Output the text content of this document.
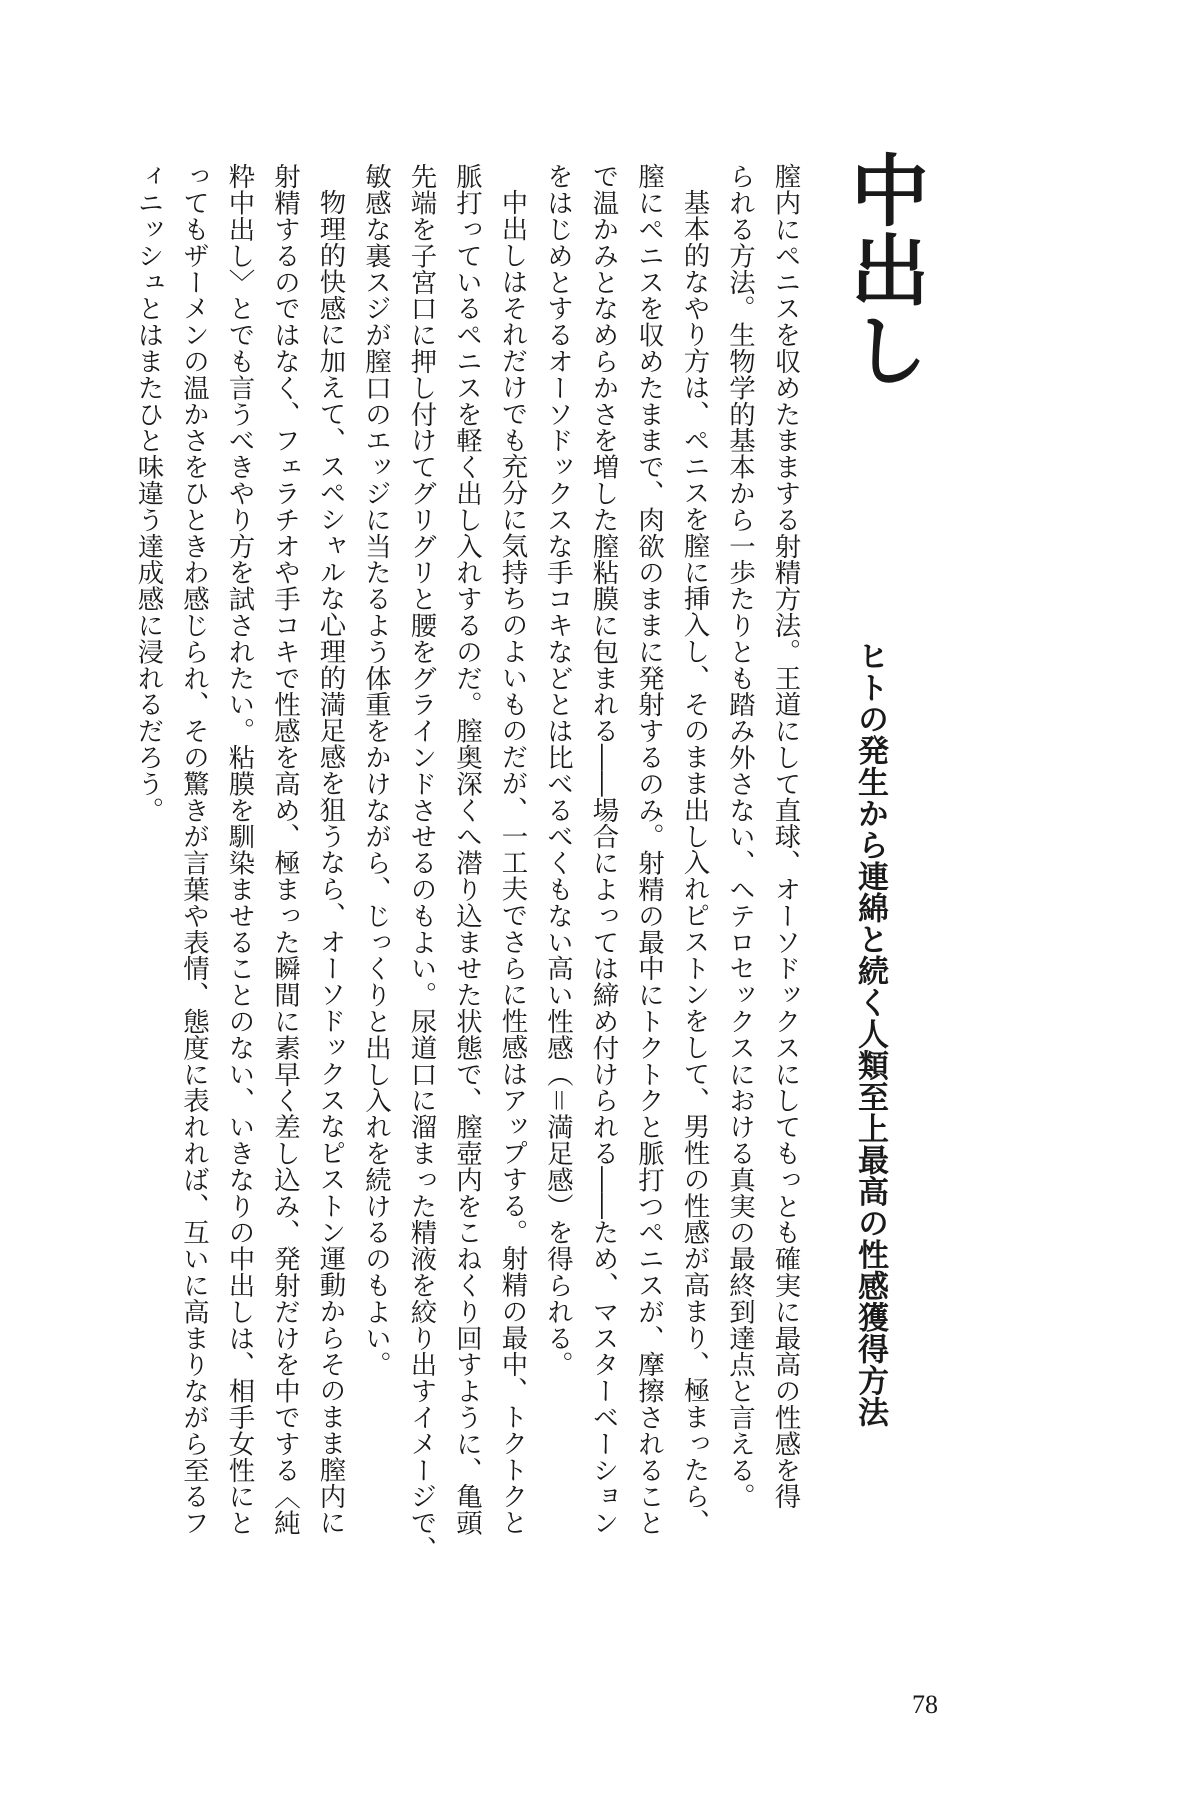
中出し
ヒトの発生から連綿と続く人類至上最高の性感獲得方法
膣内にペニスを収めたままする射精方法。王道にして直球、オーソドックスにしてもっとも確実に最高の性感を得
られる方法。生物学的基本から一歩たりとも踏み外さない、ヘテロセックスにおける真実の最終到達点と言える。
基本的なやり方は、ペニスを膣に挿入し、そのまま出し入れピストンをして、男性の性感が高まり、極まったら、
膣にペニスを収めたままで、肉欲のままに発射するのみ。射精の最中にトクトクと脈打つペニスが、摩擦されること
で温かみとなめらかさを増した膣粘膜に包まれる――場合によっては締め付けられる――ため、マスターベーション
をはじめとするオーソドックスな手コキなどとは比べるべくもない高い性感（＝満足感）を得られる。
中出しはそれだけでも充分に気持ちのよいものだが、一工夫でさらに性感はアップする。射精の最中、トクトクと
脈打っているペニスを軽く出し入れするのだ。膣奥深くへ潜り込ませた状態で、膣壺内をこねくり回すように、亀頭
先端を子宮口に押し付けてグリグリと腰をグラインドさせるのもよい。尿道口に溜まった精液を絞り出すイメージで、
敏感な裏スジが膣口のエッジに当たるよう体重をかけながら、じっくりと出し入れを続けるのもよい。
物理的快感に加えて、スペシャルな心理的満足感を狙うなら、オーソドックスなピストン運動からそのまま膣内に
射精するのではなく、フェラチオや手コキで性感を高め、極まった瞬間に素早く差し込み、発射だけを中でする〈純
粋中出し〉とでも言うべきやり方を試されたい。粘膜を馴染ませることのない、いきなりの中出しは、相手女性にと
ってもザーメンの温かさをひときわ感じられ、その驚きが言葉や表情、態度に表れれば、互いに高まりながら至るフ
ィニッシュとはまたひと味違う達成感に浸れるだろう。
78
